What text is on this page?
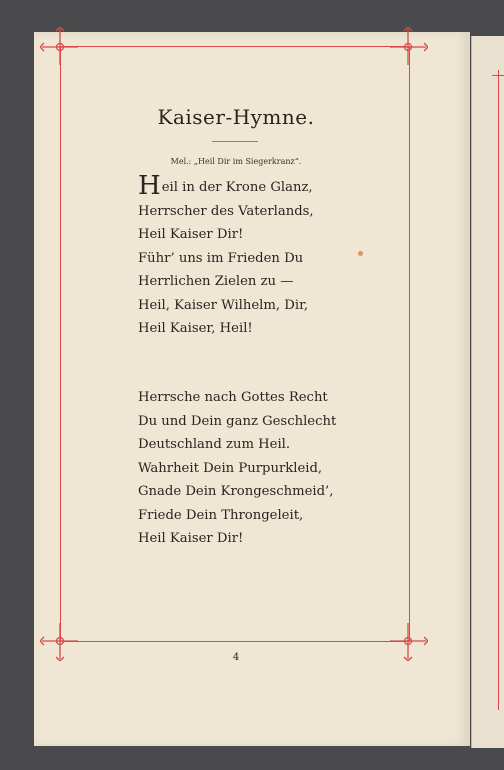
Kaiser-Hymne.
Mel.: „Heil Dir im Siegerkranz“.
Heil in der Krone Glanz,
Herrscher des Vaterlands,
Heil Kaiser Dir!
Führ’ uns im Frieden Du
Herrlichen Zielen zu —
Heil, Kaiser Wilhelm, Dir,
Heil Kaiser, Heil!
Herrsche nach Gottes Recht
Du und Dein ganz Geschlecht
Deutschland zum Heil.
Wahrheit Dein Purpurkleid,
Gnade Dein Krongeschmeid’,
Friede Dein Throngeleit,
Heil Kaiser Dir!
4
